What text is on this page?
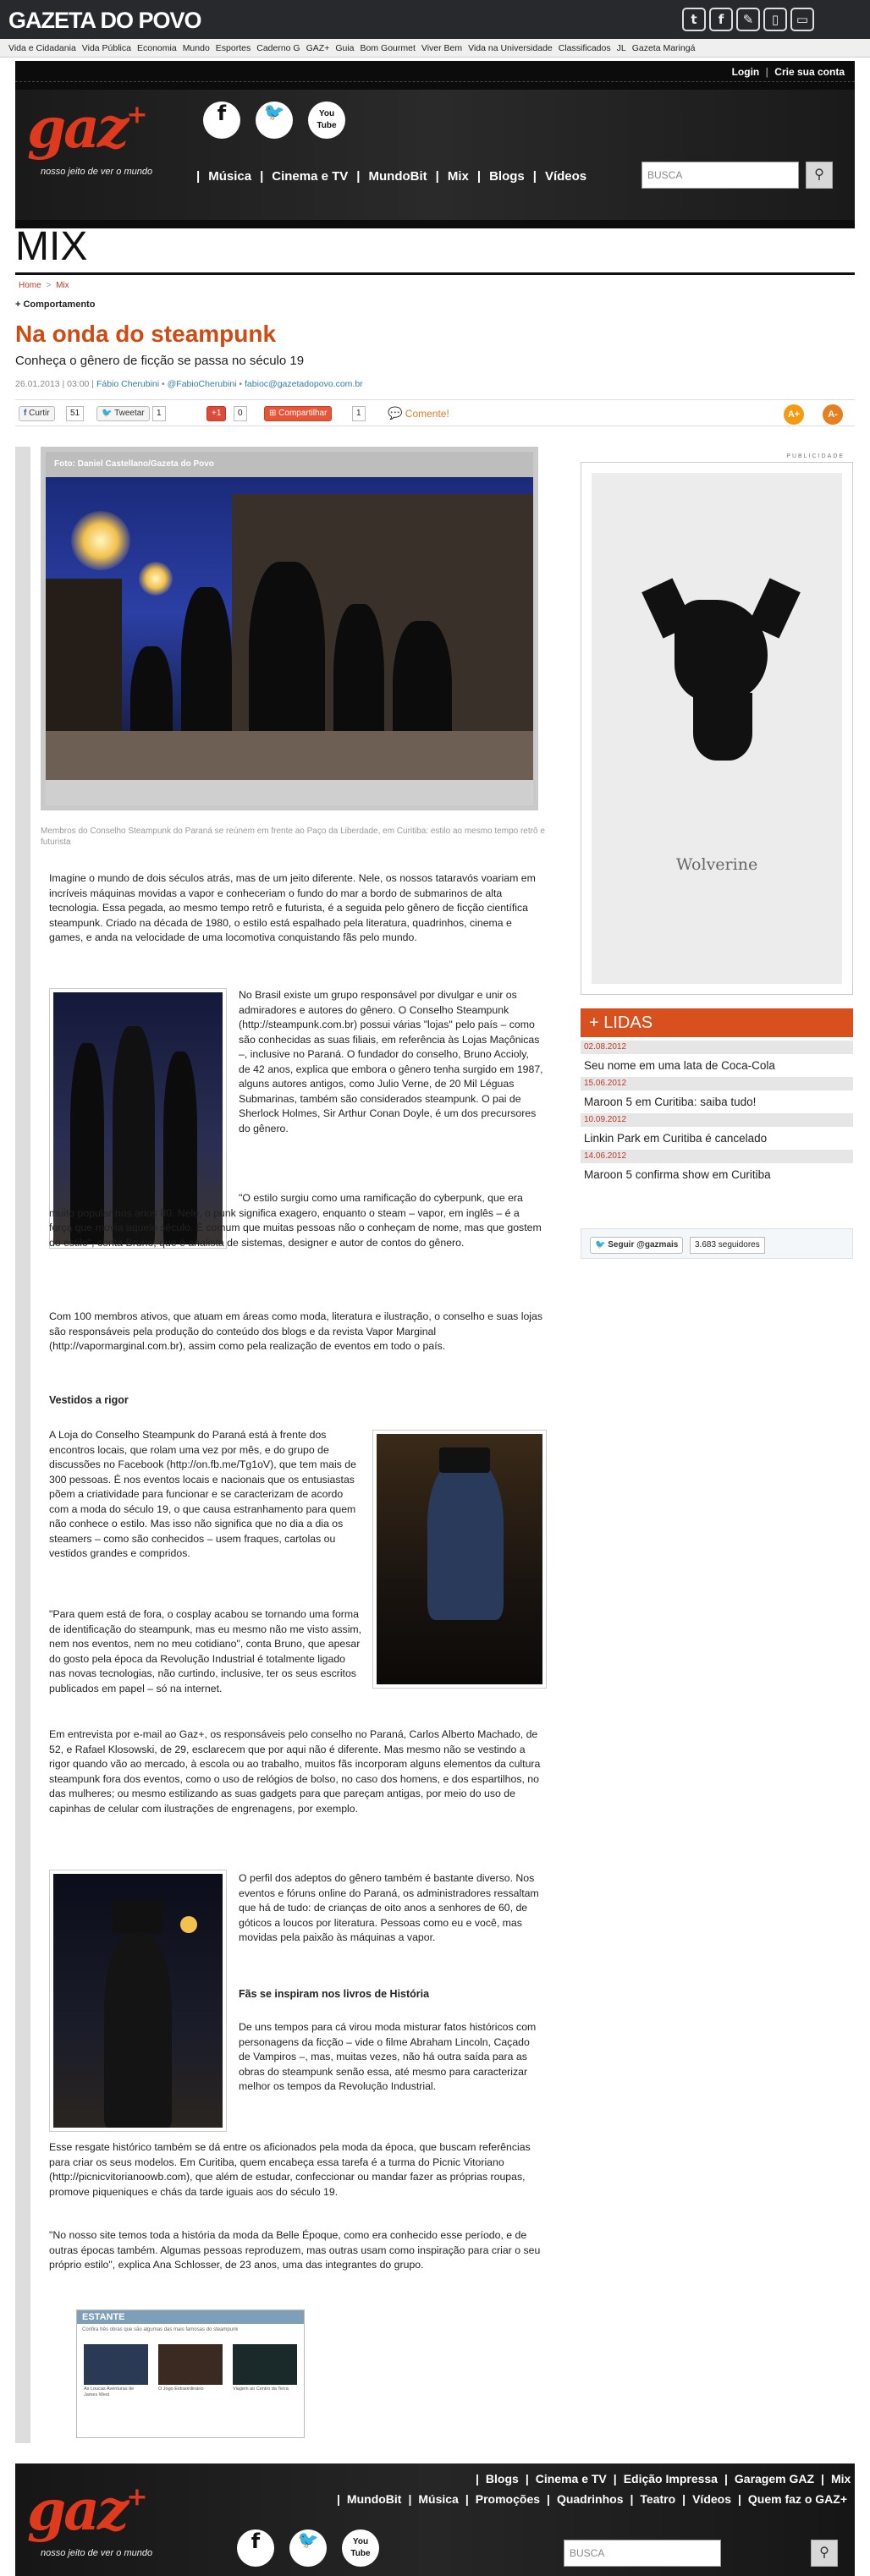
GAZETA DO POVO	t	f	✎	▯	▭
Vida e Cidadania Vida Pública Economia Mundo Esportes Caderno G GAZ+ Guia Bom Gourmet Viver Bem Vida na Universidade Classificados JL Gazeta Maringá
Login | Crie sua conta
gaz+
nosso jeito de ver o mundo
f	🐦	You
Tube
| Música | Cinema e TV | MundoBit | Mix | Blogs | Vídeos	BUSCA	⚲
MIX
Home > Mix
+ Comportamento
Na onda do steampunk
Conheça o gênero de ficção se passa no século 19
26.01.2013 | 03:00 | Fábio Cherubini • @FabioCherubini • fabioc@gazetadopovo.com.br
f Curtir	51	🐦 Tweetar	1	+1	0	⊞ Compartilhar	1	💬 Comente!	A+	A-
Foto: Daniel Castellano/Gazeta do Povo
Membros do Conselho Steampunk do Paraná se reúnem em frente ao Paço da Liberdade, em Curitiba: estilo ao mesmo tempo retrô e futurista
Imagine o mundo de dois séculos atrás, mas de um jeito diferente. Nele, os nossos tataravós voariam em incríveis máquinas movidas a vapor e conheceriam o fundo do mar a bordo de submarinos de alta tecnologia. Essa pegada, ao mesmo tempo retrô e futurista, é a seguida pelo gênero de ficção científica steampunk. Criado na década de 1980, o estilo está espalhado pela literatura, quadrinhos, cinema e games, e anda na velocidade de uma locomotiva conquistando fãs pelo mundo.
No Brasil existe um grupo responsável por divulgar e unir os admiradores e autores do gênero. O Conselho Steampunk (http://steampunk.com.br) possui várias "lojas" pelo país – como são conhecidas as suas filiais, em referência às Lojas Maçônicas –, inclusive no Paraná. O fundador do conselho, Bruno Accioly, de 42 anos, explica que embora o gênero tenha surgido em 1987, alguns autores antigos, como Julio Verne, de 20 Mil Léguas Submarinas, também são considerados steampunk. O pai de Sherlock Holmes, Sir Arthur Conan Doyle, é um dos precursores do gênero.
"O estilo surgiu como uma ramificação do cyberpunk, que era muito popular nos anos 80. Nele, o punk significa exagero, enquanto o steam – vapor, em inglês – é a força que movia aquele século. É comum que muitas pessoas não o conheçam de nome, mas que gostem do estilo", conta Bruno, que é analista de sistemas, designer e autor de contos do gênero.
Com 100 membros ativos, que atuam em áreas como moda, literatura e ilustração, o conselho e suas lojas são responsáveis pela produção do conteúdo dos blogs e da revista Vapor Marginal (http://vapormarginal.com.br), assim como pela realização de eventos em todo o país.
Vestidos a rigor
A Loja do Conselho Steampunk do Paraná está à frente dos encontros locais, que rolam uma vez por mês, e do grupo de discussões no Facebook (http://on.fb.me/Tg1oV), que tem mais de 300 pessoas. É nos eventos locais e nacionais que os entusiastas põem a criatividade para funcionar e se caracterizam de acordo com a moda do século 19, o que causa estranhamento para quem não conhece o estilo. Mas isso não significa que no dia a dia os steamers – como são conhecidos – usem fraques, cartolas ou vestidos grandes e compridos.
"Para quem está de fora, o cosplay acabou se tornando uma forma de identificação do steampunk, mas eu mesmo não me visto assim, nem nos eventos, nem no meu cotidiano", conta Bruno, que apesar do gosto pela época da Revolução Industrial é totalmente ligado nas novas tecnologias, não curtindo, inclusive, ter os seus escritos publicados em papel – só na internet.
Em entrevista por e-mail ao Gaz+, os responsáveis pelo conselho no Paraná, Carlos Alberto Machado, de 52, e Rafael Klosowski, de 29, esclarecem que por aqui não é diferente. Mas mesmo não se vestindo a rigor quando vão ao mercado, à escola ou ao trabalho, muitos fãs incorporam alguns elementos da cultura steampunk fora dos eventos, como o uso de relógios de bolso, no caso dos homens, e dos espartilhos, no das mulheres; ou mesmo estilizando as suas gadgets para que pareçam antigas, por meio do uso de capinhas de celular com ilustrações de engrenagens, por exemplo.
O perfil dos adeptos do gênero também é bastante diverso. Nos eventos e fóruns online do Paraná, os administradores ressaltam que há de tudo: de crianças de oito anos a senhores de 60, de góticos a loucos por literatura. Pessoas como eu e você, mas movidas pela paixão às máquinas a vapor.
Fãs se inspiram nos livros de História
De uns tempos para cá virou moda misturar fatos históricos com personagens da ficção – vide o filme Abraham Lincoln, Caçado de Vampiros –, mas, muitas vezes, não há outra saída para as obras do steampunk senão essa, até mesmo para caracterizar melhor os tempos da Revolução Industrial.
Esse resgate histórico também se dá entre os aficionados pela moda da época, que buscam referências para criar os seus modelos. Em Curitiba, quem encabeça essa tarefa é a turma do Picnic Vitoriano (http://picnicvitorianoowb.com), que além de estudar, confeccionar ou mandar fazer as próprias roupas, promove piqueniques e chás da tarde iguais aos do século 19.
"No nosso site temos toda a história da moda da Belle Époque, como era conhecido esse período, e de outras épocas também. Algumas pessoas reproduzem, mas outras usam como inspiração para criar o seu próprio estilo", explica Ana Schlosser, de 23 anos, uma das integrantes do grupo.
ESTANTE
Confira três obras que são algumas das mais famosas do steampunk
As Loucas Aventuras de James West
O Jogo Extraordinário	Viagem ao Centro da Terra
PUBLICIDADE
Wolverine
+ LIDAS
02.08.2012
Seu nome em uma lata de Coca-Cola
15.06.2012
Maroon 5 em Curitiba: saiba tudo!
10.09.2012
Linkin Park em Curitiba é cancelado
14.06.2012
Maroon 5 confirma show em Curitiba
🐦 Seguir @gazmais	3.683 seguidores
gaz+
nosso jeito de ver o mundo
| Blogs | Cinema e TV | Edição Impressa | Garagem GAZ | Mix
| MundoBit | Música | Promoções | Quadrinhos | Teatro | Vídeos | Quem faz o GAZ+
f	🐦	You
Tube	BUSCA	⚲
